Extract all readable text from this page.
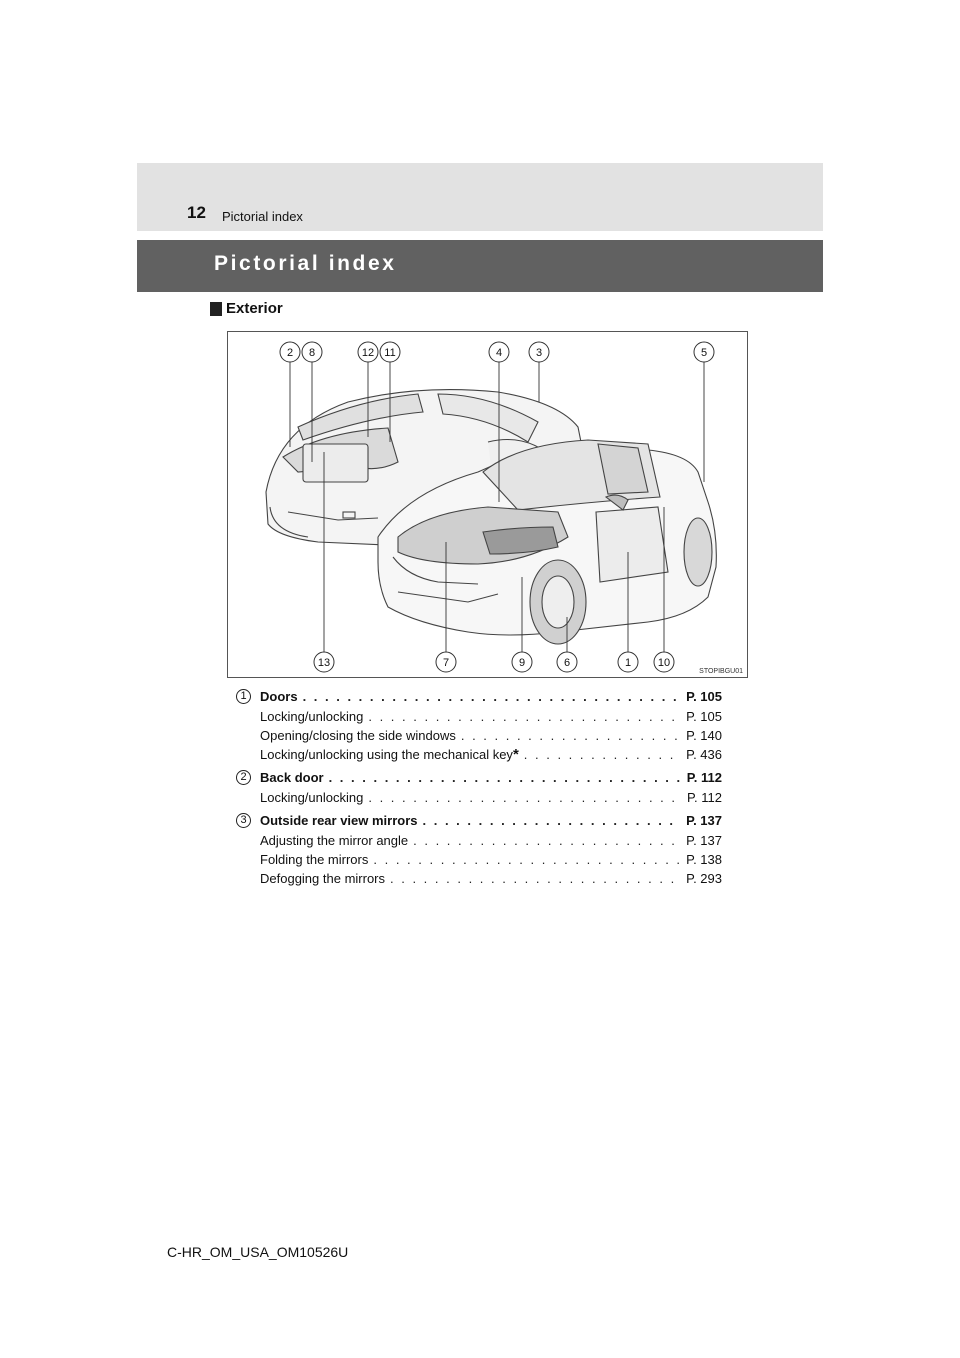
12 Pictorial index
Pictorial index
Exterior
2 8	12 11	4	3	5
13	7	9	6	1 10
STOPIBGU01
1	Doors . . .	P. 105
Locking/unlocking . . .	P. 105
Opening/closing the side windows . . .	P. 140
Locking/unlocking using the mechanical key * . . .	P. 436
2	Back door . . .	P. 112
Locking/unlocking . . .	P. 112
3	Outside rear view mirrors . . .	P. 137
Adjusting the mirror angle . . .	P. 137
Folding the mirrors . . .	P. 138
Defogging the mirrors . . .	P. 293
C-HR_OM_USA_OM10526U
